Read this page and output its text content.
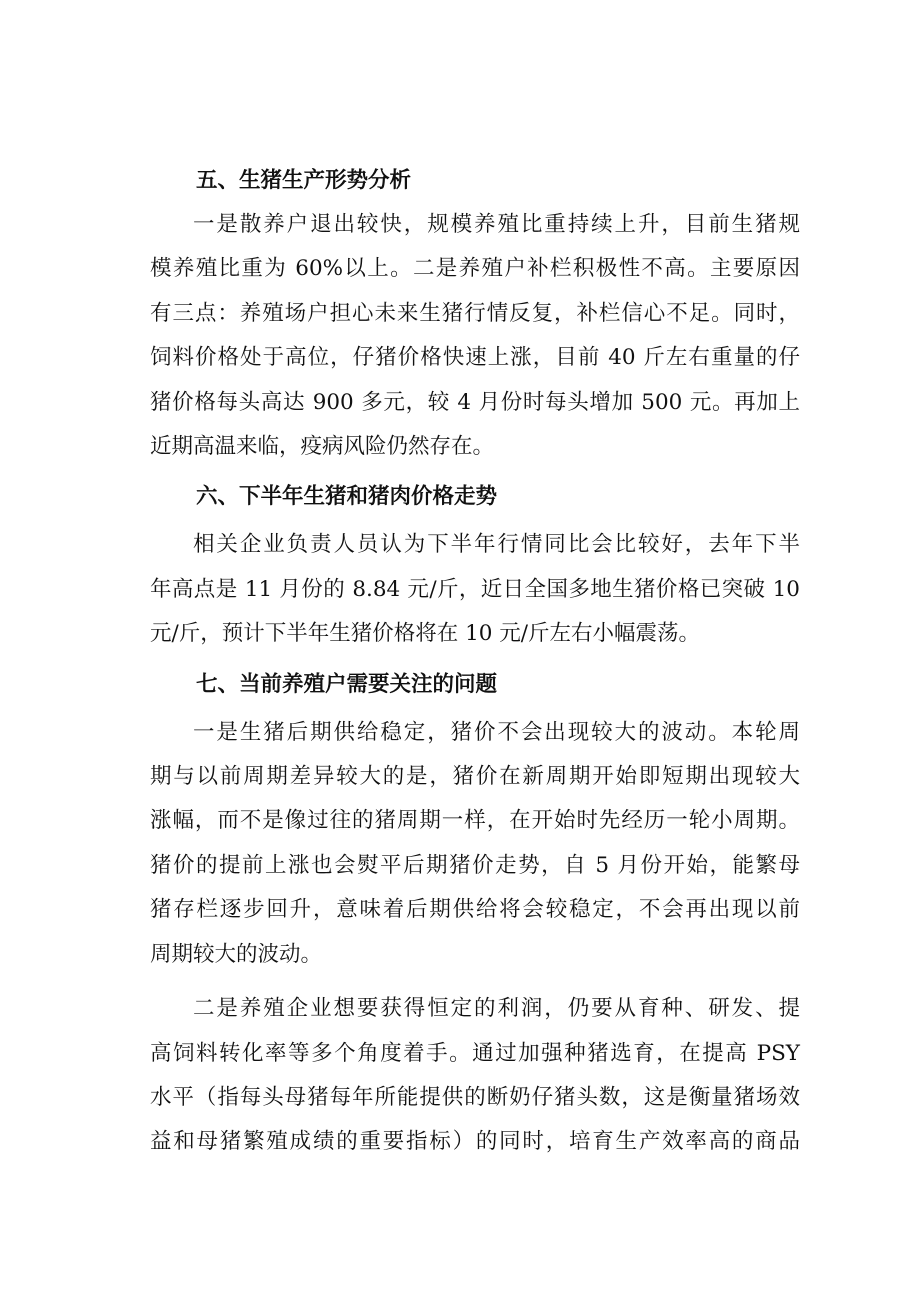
五、生猪生产形势分析

一是散养户退出较快，规模养殖比重持续上升，目前生猪规
模养殖比重为 60%以上。二是养殖户补栏积极性不高。主要原因
有三点：养殖场户担心未来生猪行情反复，补栏信心不足。同时，
饲料价格处于高位，仔猪价格快速上涨，目前 40 斤左右重量的仔
猪价格每头高达 900 多元，较 4 月份时每头增加 500 元。再加上
近期高温来临，疫病风险仍然存在。

六、下半年生猪和猪肉价格走势

相关企业负责人员认为下半年行情同比会比较好，去年下半
年高点是 11 月份的 8.84 元/斤，近日全国多地生猪价格已突破 10
元/斤，预计下半年生猪价格将在 10 元/斤左右小幅震荡。

七、当前养殖户需要关注的问题

一是生猪后期供给稳定，猪价不会出现较大的波动。本轮周
期与以前周期差异较大的是，猪价在新周期开始即短期出现较大
涨幅，而不是像过往的猪周期一样，在开始时先经历一轮小周期。
猪价的提前上涨也会熨平后期猪价走势，自 5 月份开始，能繁母
猪存栏逐步回升，意味着后期供给将会较稳定，不会再出现以前
周期较大的波动。

二是养殖企业想要获得恒定的利润，仍要从育种、研发、提
高饲料转化率等多个角度着手。通过加强种猪选育，在提高 PSY
水平（指每头母猪每年所能提供的断奶仔猪头数，这是衡量猪场效
益和母猪繁殖成绩的重要指标）的同时，培育生产效率高的商品
